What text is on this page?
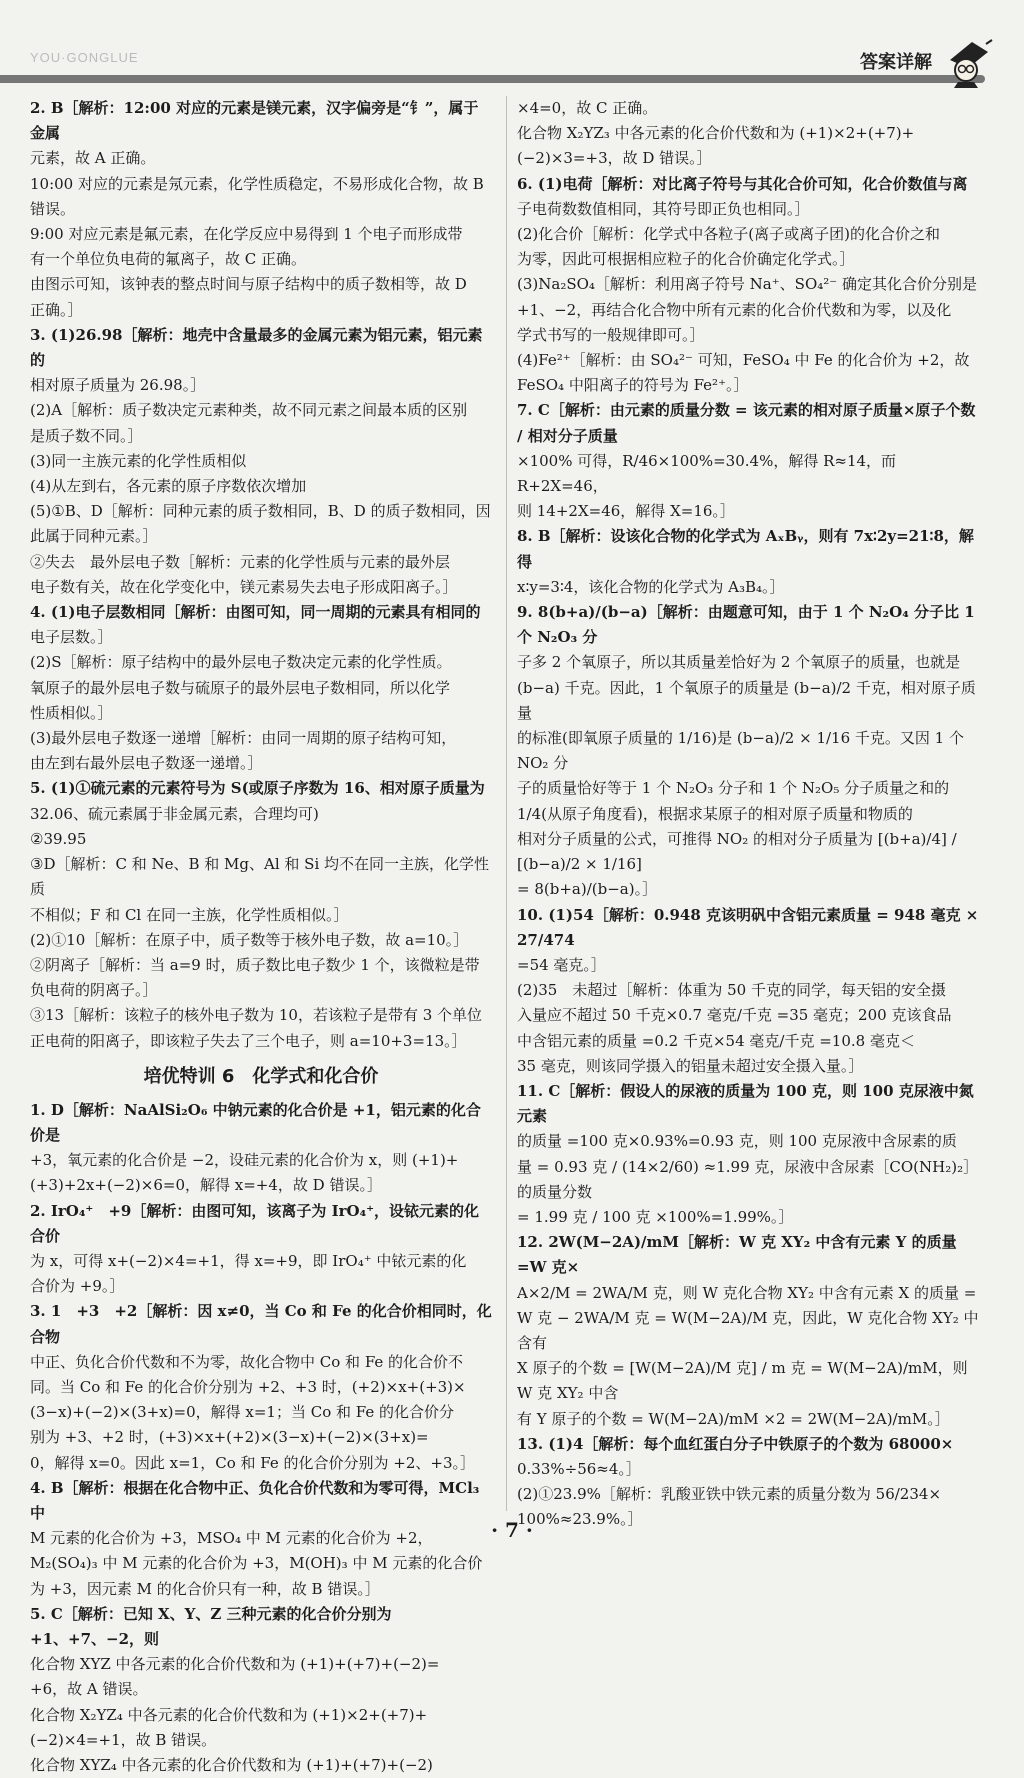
YOU·GONGLUE	答案详解

2. B［解析：12:00 对应的元素是镁元素，汉字偏旁是“钅”，属于金属

元素，故 A 正确。

10:00 对应的元素是氖元素，化学性质稳定，不易形成化合物，故 B

错误。

9:00 对应元素是氟元素，在化学反应中易得到 1 个电子而形成带

有一个单位负电荷的氟离子，故 C 正确。

由图示可知，该钟表的整点时间与原子结构中的质子数相等，故 D

正确。］

3. (1)26.98［解析：地壳中含量最多的金属元素为铝元素，铝元素的

相对原子质量为 26.98。］

(2)A［解析：质子数决定元素种类，故不同元素之间最本质的区别

是质子数不同。］

(3)同一主族元素的化学性质相似

(4)从左到右，各元素的原子序数依次增加

(5)①B、D［解析：同种元素的质子数相同，B、D 的质子数相同，因

此属于同种元素。］

②失去　最外层电子数［解析：元素的化学性质与元素的最外层

电子数有关，故在化学变化中，镁元素易失去电子形成阳离子。］

4. (1)电子层数相同［解析：由图可知，同一周期的元素具有相同的

电子层数。］

(2)S［解析：原子结构中的最外层电子数决定元素的化学性质。

氧原子的最外层电子数与硫原子的最外层电子数相同，所以化学

性质相似。］

(3)最外层电子数逐一递增［解析：由同一周期的原子结构可知，

由左到右最外层电子数逐一递增。］

5. (1)①硫元素的元素符号为 S(或原子序数为 16、相对原子质量为

32.06、硫元素属于非金属元素，合理均可)

②39.95

③D［解析：C 和 Ne、B 和 Mg、Al 和 Si 均不在同一主族，化学性质

不相似；F 和 Cl 在同一主族，化学性质相似。］

(2)①10［解析：在原子中，质子数等于核外电子数，故 a=10。］

②阴离子［解析：当 a=9 时，质子数比电子数少 1 个，该微粒是带

负电荷的阴离子。］

③13［解析：该粒子的核外电子数为 10，若该粒子是带有 3 个单位

正电荷的阳离子，即该粒子失去了三个电子，则 a=10+3=13。］

培优特训 6　化学式和化合价

1. D［解析：NaAlSi₂O₆ 中钠元素的化合价是 +1，铝元素的化合价是

+3，氧元素的化合价是 −2，设硅元素的化合价为 x，则 (+1)+

(+3)+2x+(−2)×6=0，解得 x=+4，故 D 错误。］

2. IrO₄⁺　+9［解析：由图可知，该离子为 IrO₄⁺，设铱元素的化合价

为 x，可得 x+(−2)×4=+1，得 x=+9，即 IrO₄⁺ 中铱元素的化

合价为 +9。］

3. 1　+3　+2［解析：因 x≠0，当 Co 和 Fe 的化合价相同时，化合物

中正、负化合价代数和不为零，故化合物中 Co 和 Fe 的化合价不

同。当 Co 和 Fe 的化合价分别为 +2、+3 时，(+2)×x+(+3)×

(3−x)+(−2)×(3+x)=0，解得 x=1；当 Co 和 Fe 的化合价分

别为 +3、+2 时，(+3)×x+(+2)×(3−x)+(−2)×(3+x)=

0，解得 x=0。因此 x=1，Co 和 Fe 的化合价分别为 +2、+3。］

4. B［解析：根据在化合物中正、负化合价代数和为零可得，MCl₃ 中

M 元素的化合价为 +3，MSO₄ 中 M 元素的化合价为 +2，

M₂(SO₄)₃ 中 M 元素的化合价为 +3，M(OH)₃ 中 M 元素的化合价

为 +3，因元素 M 的化合价只有一种，故 B 错误。］

5. C［解析：已知 X、Y、Z 三种元素的化合价分别为 +1、+7、−2，则

化合物 XYZ 中各元素的化合价代数和为 (+1)+(+7)+(−2)=

+6，故 A 错误。

化合物 X₂YZ₄ 中各元素的化合价代数和为 (+1)×2+(+7)+

(−2)×4=+1，故 B 错误。

化合物 XYZ₄ 中各元素的化合价代数和为 (+1)+(+7)+(−2)

×4=0，故 C 正确。

化合物 X₂YZ₃ 中各元素的化合价代数和为 (+1)×2+(+7)+

(−2)×3=+3，故 D 错误。］

6. (1)电荷［解析：对比离子符号与其化合价可知，化合价数值与离

子电荷数数值相同，其符号即正负也相同。］

(2)化合价［解析：化学式中各粒子(离子或离子团)的化合价之和

为零，因此可根据相应粒子的化合价确定化学式。］

(3)Na₂SO₄［解析：利用离子符号 Na⁺、SO₄²⁻ 确定其化合价分别是

+1、−2，再结合化合物中所有元素的化合价代数和为零，以及化

学式书写的一般规律即可。］

(4)Fe²⁺［解析：由 SO₄²⁻ 可知，FeSO₄ 中 Fe 的化合价为 +2，故

FeSO₄ 中阳离子的符号为 Fe²⁺。］

7. C［解析：由元素的质量分数 = 该元素的相对原子质量×原子个数 / 相对分子质量

×100% 可得，R/46×100%=30.4%，解得 R≈14，而 R+2X=46，

则 14+2X=46，解得 X=16。］

8. B［解析：设该化合物的化学式为 AₓBᵧ，则有 7x∶2y=21∶8，解得

x∶y=3∶4，该化合物的化学式为 A₃B₄。］

9. 8(b+a)/(b−a)［解析：由题意可知，由于 1 个 N₂O₄ 分子比 1 个 N₂O₃ 分

子多 2 个氧原子，所以其质量差恰好为 2 个氧原子的质量，也就是

(b−a) 千克。因此，1 个氧原子的质量是 (b−a)/2 千克，相对原子质量

的标准(即氧原子质量的 1/16)是 (b−a)/2 × 1/16 千克。又因 1 个 NO₂ 分

子的质量恰好等于 1 个 N₂O₃ 分子和 1 个 N₂O₅ 分子质量之和的

1/4(从原子角度看)，根据求某原子的相对原子质量和物质的

相对分子质量的公式，可推得 NO₂ 的相对分子质量为 [(b+a)/4] / [(b−a)/2 × 1/16]

= 8(b+a)/(b−a)。］

10. (1)54［解析：0.948 克该明矾中含铝元素质量 = 948 毫克 × 27/474

=54 毫克。］

(2)35　未超过［解析：体重为 50 千克的同学，每天铝的安全摄

入量应不超过 50 千克×0.7 毫克/千克 =35 毫克；200 克该食品

中含铝元素的质量 =0.2 千克×54 毫克/千克 =10.8 毫克＜

35 毫克，则该同学摄入的铝量未超过安全摄入量。］

11. C［解析：假设人的尿液的质量为 100 克，则 100 克尿液中氮元素

的质量 =100 克×0.93%=0.93 克，则 100 克尿液中含尿素的质

量 = 0.93 克 / (14×2/60) ≈1.99 克，尿液中含尿素［CO(NH₂)₂］的质量分数

= 1.99 克 / 100 克 ×100%=1.99%。］

12. 2W(M−2A)/mM［解析：W 克 XY₂ 中含有元素 Y 的质量 =W 克×

A×2/M = 2WA/M 克，则 W 克化合物 XY₂ 中含有元素 X 的质量 =

W 克 − 2WA/M 克 = W(M−2A)/M 克，因此，W 克化合物 XY₂ 中含有

X 原子的个数 = [W(M−2A)/M 克] / m 克 = W(M−2A)/mM，则 W 克 XY₂ 中含

有 Y 原子的个数 = W(M−2A)/mM ×2 = 2W(M−2A)/mM。］

13. (1)4［解析：每个血红蛋白分子中铁原子的个数为 68000×

0.33%÷56≈4。］

(2)①23.9%［解析：乳酸亚铁中铁元素的质量分数为 56/234×

100%≈23.9%。］

· 7 ·
